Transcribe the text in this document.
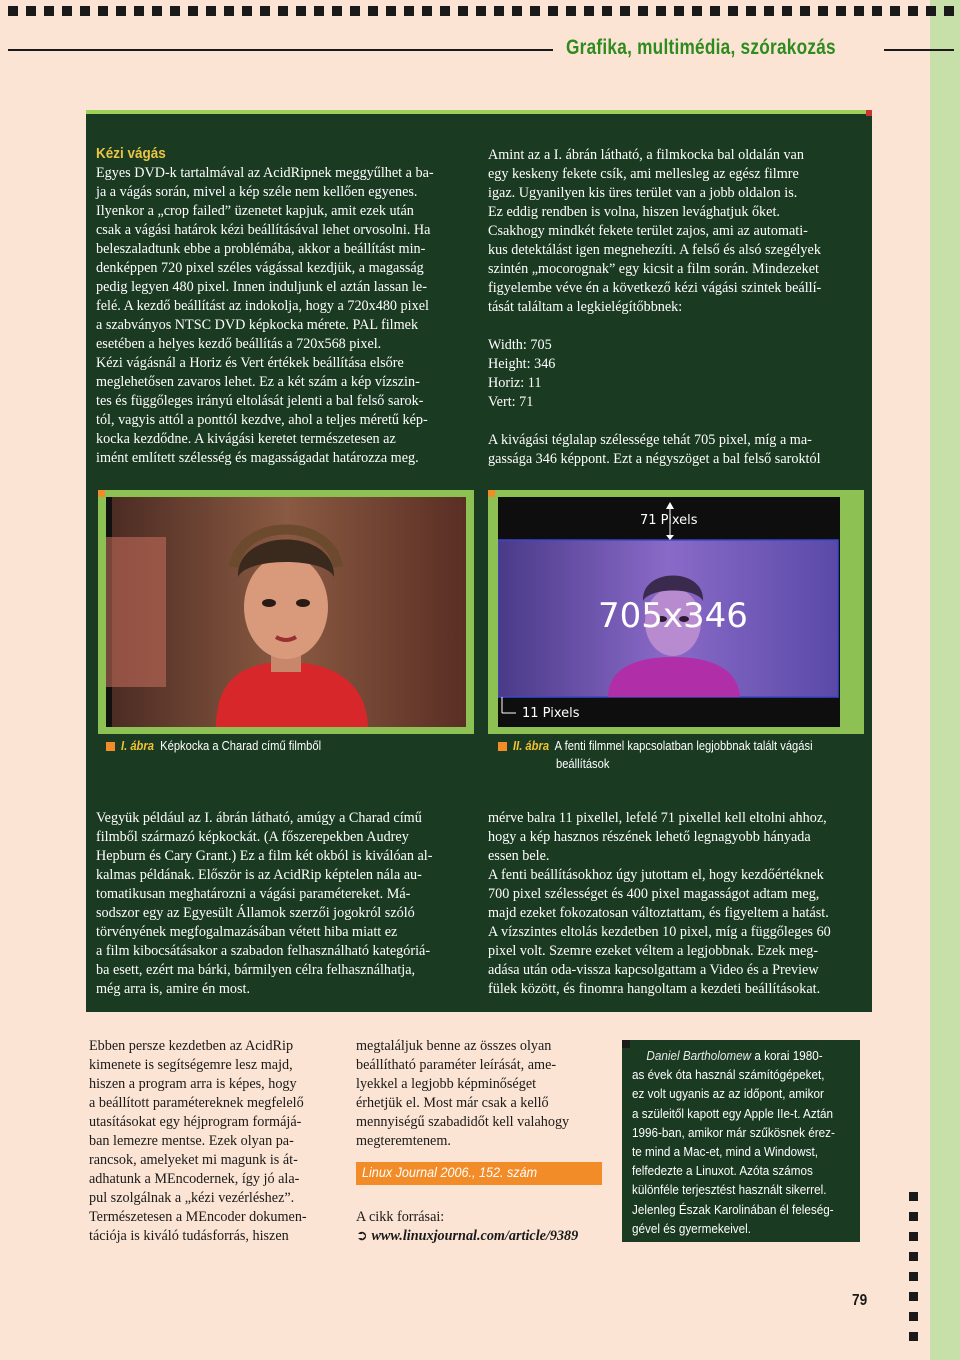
Grafika, multimédia, szórakozás
Kézi vágás
Egyes DVD-k tartalmával az AcidRipnek meggyűlhet a ba-
ja a vágás során, mivel a kép széle nem kellően egyenes.
Ilyenkor a „crop failed” üzenetet kapjuk, amit ezek után
csak a vágási határok kézi beállításával lehet orvosolni. Ha
beleszaladtunk ebbe a problémába, akkor a beállítást min-
denképpen 720 pixel széles vágással kezdjük, a magasság
pedig legyen 480 pixel. Innen induljunk el aztán lassan le-
felé. A kezdő beállítást az indokolja, hogy a 720x480 pixel
a szabványos NTSC DVD képkocka mérete. PAL filmek
esetében a helyes kezdő beállítás a 720x568 pixel.
Kézi vágásnál a Horiz és Vert értékek beállítása elsőre
meglehetősen zavaros lehet. Ez a két szám a kép vízszin-
tes és függőleges irányú eltolását jelenti a bal felső sarok-
tól, vagyis attól a ponttól kezdve, ahol a teljes méretű kép-
kocka kezdődne. A kivágási keretet természetesen az
imént említett szélesség és magasságadat határozza meg.
Amint az a I. ábrán látható, a filmkocka bal oldalán van
egy keskeny fekete csík, ami mellesleg az egész filmre
igaz. Ugyanilyen kis üres terület van a jobb oldalon is.
Ez eddig rendben is volna, hiszen levághatjuk őket.
Csakhogy mindkét fekete terület zajos, ami az automati-
kus detektálást igen megnehezíti. A felső és alsó szegélyek
szintén „mocorognak” egy kicsit a film során. Mindezeket
figyelembe véve én a következő kézi vágási szintek beállí-
tását találtam a legkielégítőbbnek:
Width: 705
Height: 346
Horiz: 11
Vert: 71
A kivágási téglalap szélessége tehát 705 pixel, míg a ma-
gassága 346 képpont. Ezt a négyszöget a bal felső saroktól
I. ábra Képkocka a Charad című filmből
71 Pixels
705x346
11 Pixels
II. ábra A fenti filmmel kapcsolatban legjobbnak talált vágási
beállítások
Vegyük például az I. ábrán látható, amúgy a Charad című
filmből származó képkockát. (A főszerepekben Audrey
Hepburn és Cary Grant.) Ez a film két okból is kiválóan al-
kalmas példának. Először is az AcidRip képtelen nála au-
tomatikusan meghatározni a vágási paramétereket. Má-
sodszor egy az Egyesült Államok szerzői jogokról szóló
törvényének megfogalmazásában vétett hiba miatt ez
a film kibocsátásakor a szabadon felhasználható kategóriá-
ba esett, ezért ma bárki, bármilyen célra felhasználhatja,
még arra is, amire én most.
mérve balra 11 pixellel, lefelé 71 pixellel kell eltolni ahhoz,
hogy a kép hasznos részének lehető legnagyobb hányada
essen bele.
A fenti beállításokhoz úgy jutottam el, hogy kezdőértéknek
700 pixel szélességet és 400 pixel magasságot adtam meg,
majd ezeket fokozatosan változtattam, és figyeltem a hatást.
A vízszintes eltolás kezdetben 10 pixel, míg a függőleges 60
pixel volt. Szemre ezeket véltem a legjobbnak. Ezek meg-
adása után oda-vissza kapcsolgattam a Video és a Preview
fülek között, és finomra hangoltam a kezdeti beállításokat.
Ebben persze kezdetben az AcidRip
kimenete is segítségemre lesz majd,
hiszen a program arra is képes, hogy
a beállított paramétereknek megfelelő
utasításokat egy héjprogram formájá-
ban lemezre mentse. Ezek olyan pa-
rancsok, amelyeket mi magunk is át-
adhatunk a MEncodernek, így jó ala-
pul szolgálnak a „kézi vezérléshez”.
Természetesen a MEncoder dokumen-
tációja is kiváló tudásforrás, hiszen
megtaláljuk benne az összes olyan
beállítható paraméter leírását, ame-
lyekkel a legjobb képminőséget
érhetjük el. Most már csak a kellő
mennyiségű szabadidőt kell valahogy
megteremtenem.
Linux Journal 2006., 152. szám
A cikk forrásai:
➲ www.linuxjournal.com/article/9389
Daniel Bartholomew a korai 1980-
as évek óta használ számítógépeket,
ez volt ugyanis az az időpont, amikor
a szüleitől kapott egy Apple IIe-t. Aztán
1996-ban, amikor már szűkösnek érez-
te mind a Mac-et, mind a Windowst,
felfedezte a Linuxot. Azóta számos
különféle terjesztést használt sikerrel.
Jelenleg Észak Karolinában él feleség-
gével és gyermekeivel.
79
